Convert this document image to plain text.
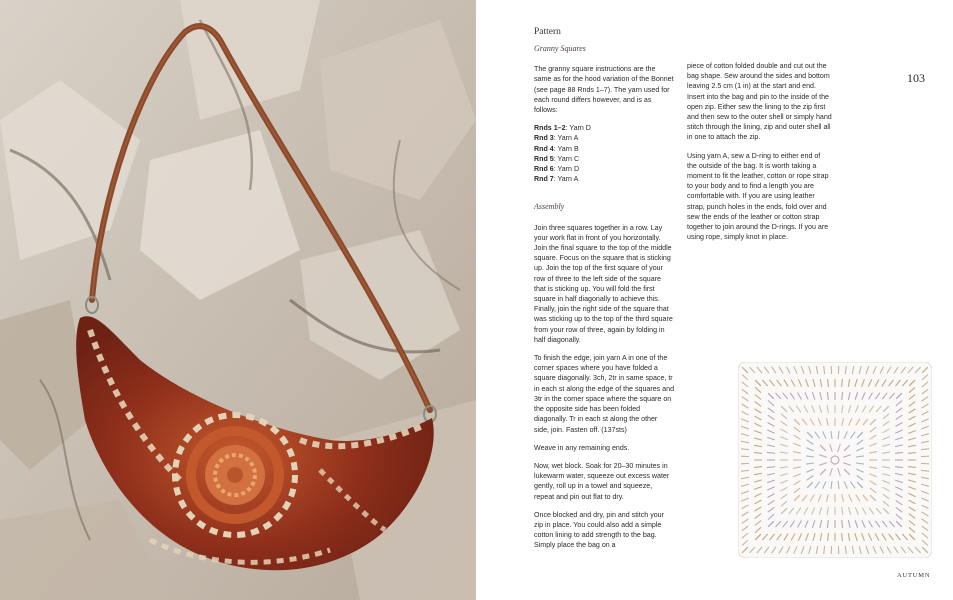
Pattern
Granny Squares

The granny square instructions are the same as for the hood variation of the Bonnet (see page 88 Rnds 1–7). The yarn used for each round differs however, and is as follows:

Rnds 1–2: Yarn D
Rnd 3: Yarn A
Rnd 4: Yarn B
Rnd 5: Yarn C
Rnd 6: Yarn D
Rnd 7: Yarn A
Assembly

Join three squares together in a row. Lay your work flat in front of you horizontally. Join the final square to the top of the middle square. Focus on the square that is sticking up. Join the top of the first square of your row of three to the left side of the square that is sticking up. You will fold the first square in half diagonally to achieve this. Finally, join the right side of the square that was sticking up to the top of the third square from your row of three, again by folding in half diagonally.

To finish the edge, join yarn A in one of the corner spaces where you have folded a square diagonally. 3ch, 2tr in same space, tr in each st along the edge of the squares and 3tr in the corner space where the square on the opposite side has been folded diagonally. Tr in each st along the other side, join. Fasten off. (137sts)

Weave in any remaining ends.

Now, wet block. Soak for 20–30 minutes in lukewarm water, squeeze out excess water gently, roll up in a towel and squeeze, repeat and pin out flat to dry.

Once blocked and dry, pin and stitch your zip in place. You could also add a simple cotton lining to add strength to the bag. Simply place the bag on a

piece of cotton folded double and cut out the bag shape. Sew around the sides and bottom leaving 2.5 cm (1 in) at the start and end. Insert into the bag and pin to the inside of the open zip. Either sew the lining to the zip first and then sew to the outer shell or simply hand stitch through the lining, zip and outer shell all in one to attach the zip.

Using yarn A, sew a D-ring to either end of the outside of the bag. It is worth taking a moment to fit the leather, cotton or rope strap to your body and to find a length you are comfortable with. If you are using leather strap, punch holes in the ends, fold over and sew the ends of the leather or cotton strap together to join around the D-rings. If you are using rope, simply knot in place.

103
AUTUMN
